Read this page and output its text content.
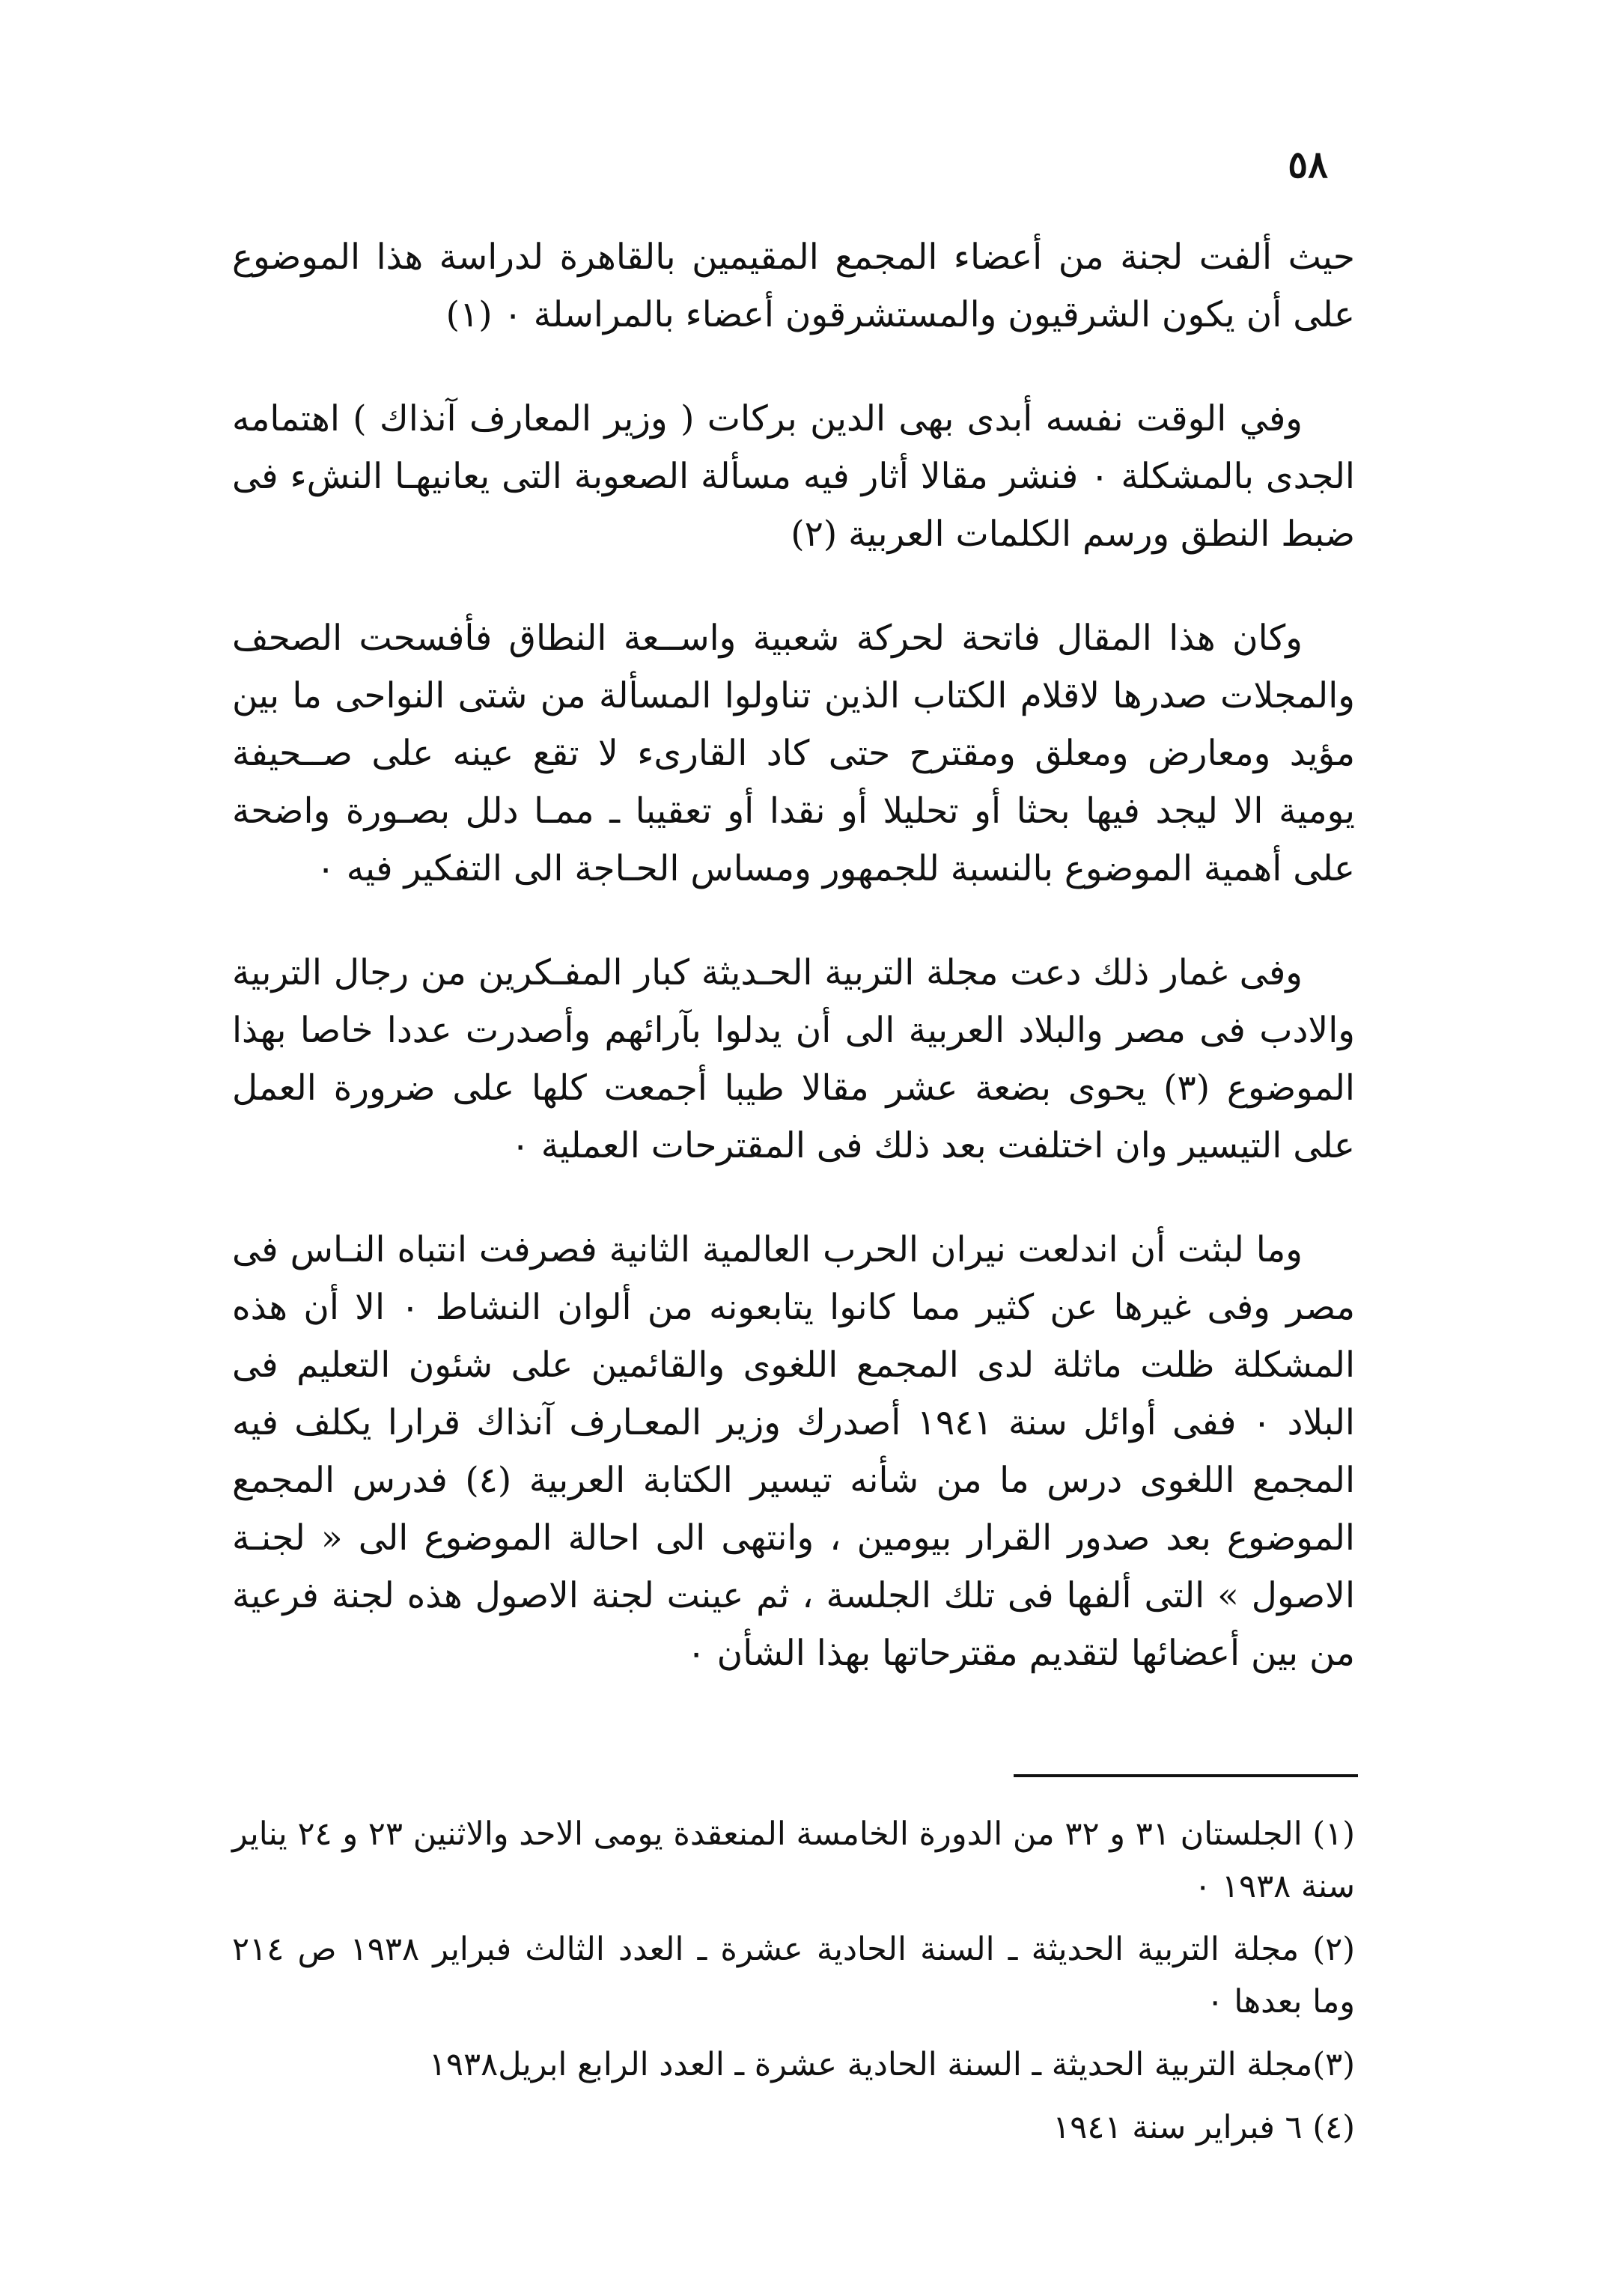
٥٨

حيث ألفت لجنة من أعضاء المجمع المقيمين بالقاهرة لدراسة هذا الموضوع على أن يكون الشرقيون والمستشرقون أعضاء بالمراسلة ٠ (١)

وفي الوقت نفسه أبدى بهى الدين بركات ( وزير المعارف آنذاك ) اهتمامه الجدى بالمشكلة ٠ فنشر مقالا أثار فيه مسألة الصعوبة التى يعانيهـا النشء فى ضبط النطق ورسم الكلمات العربية (٢)

وكان هذا المقال فاتحة لحركة شعبية واســعة النطاق فأفسحت الصحف والمجلات صدرها لاقلام الكتاب الذين تناولوا المسألة من شتى النواحى ما بين مؤيد ومعارض ومعلق ومقترح حتى كاد القارىء لا تقع عينه على صــحيفة يومية الا ليجد فيها بحثا أو تحليلا أو نقدا أو تعقيبا ـ ممـا دلل بصـورة واضحة على أهمية الموضوع بالنسبة للجمهور ومساس الحـاجة الى التفكير فيه ٠

وفى غمار ذلك دعت مجلة التربية الحـديثة كبار المفـكرين من رجال التربية والادب فى مصر والبلاد العربية الى أن يدلوا بآرائهم وأصدرت عددا خاصا بهذا الموضوع (٣) يحوى بضعة عشر مقالا طيبا أجمعت كلها على ضرورة العمل على التيسير وان اختلفت بعد ذلك فى المقترحات العملية ٠

وما لبثت أن اندلعت نيران الحرب العالمية الثانية فصرفت انتباه النـاس فى مصر وفى غيرها عن كثير مما كانوا يتابعونه من ألوان النشاط ٠ الا أن هذه المشكلة ظلت ماثلة لدى المجمع اللغوى والقائمين على شئون التعليم فى البلاد ٠ ففى أوائل سنة ١٩٤١ أصدرك وزير المعـارف آنذاك قرارا يكلف فيه المجمع اللغوى درس ما من شأنه تيسير الكتابة العربية (٤) فدرس المجمع الموضوع بعد صدور القرار بيومين ، وانتهى الى احالة الموضوع الى « لجنـة الاصول » التى ألفها فى تلك الجلسة ، ثم عينت لجنة الاصول هذه لجنة فرعية من بين أعضائها لتقديم مقترحاتها بهذا الشأن ٠

(١) الجلستان ٣١ و ٣٢ من الدورة الخامسة المنعقدة يومى الاحد والاثنين ٢٣ و ٢٤ يناير سنة ١٩٣٨ ٠

(٢) مجلة التربية الحديثة ـ السنة الحادية عشرة ـ العدد الثالث فبراير ١٩٣٨ ص ٢١٤ وما بعدها ٠

(٣)مجلة التربية الحديثة ـ السنة الحادية عشرة ـ العدد الرابع ابريل١٩٣٨

(٤) ٦ فبراير سنة ١٩٤١
